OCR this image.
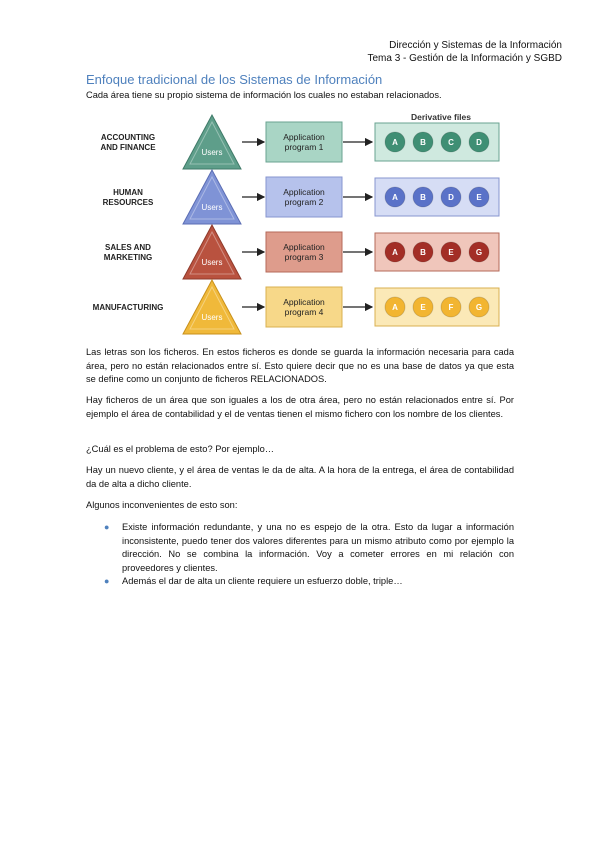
Dirección y Sistemas de la Información
Tema 3 - Gestión de la Información y SGBD
Enfoque tradicional de los Sistemas de Información
Cada área tiene su propio sistema de información los cuales no estaban relacionados.
Derivative files
ACCOUNTING AND FINANCE
Users
Application program 1	A	B	C	D
HUMAN RESOURCES
Users
Application program 2	A	B	D	E
SALES AND MARKETING
Users
Application program 3	A	B	E	G
MANUFACTURING
Users
Application program 4	A	E	F	G
Las letras son los ficheros. En estos ficheros es donde se guarda la información necesaria para cada área, pero no están relacionados entre sí. Esto quiere decir que no es una base de datos ya que esta se define como un conjunto de ficheros RELACIONADOS.
Hay ficheros de un área que son iguales a los de otra área, pero no están relacionados entre sí. Por ejemplo el área de contabilidad y el de ventas tienen el mismo fichero con los nombre de los clientes.
¿Cuál es el problema de esto? Por ejemplo…
Hay un nuevo cliente, y el área de ventas le da de alta. A la hora de la entrega, el área de contabilidad da de alta a dicho cliente.
Algunos inconvenientes de esto son:
● Existe información redundante, y una no es espejo de la otra. Esto da lugar a información inconsistente, puedo tener dos valores diferentes para un mismo atributo como por ejemplo la dirección. No se combina la información. Voy a cometer errores en mi relación con proveedores y clientes.
● Además el dar de alta un cliente requiere un esfuerzo doble, triple…
